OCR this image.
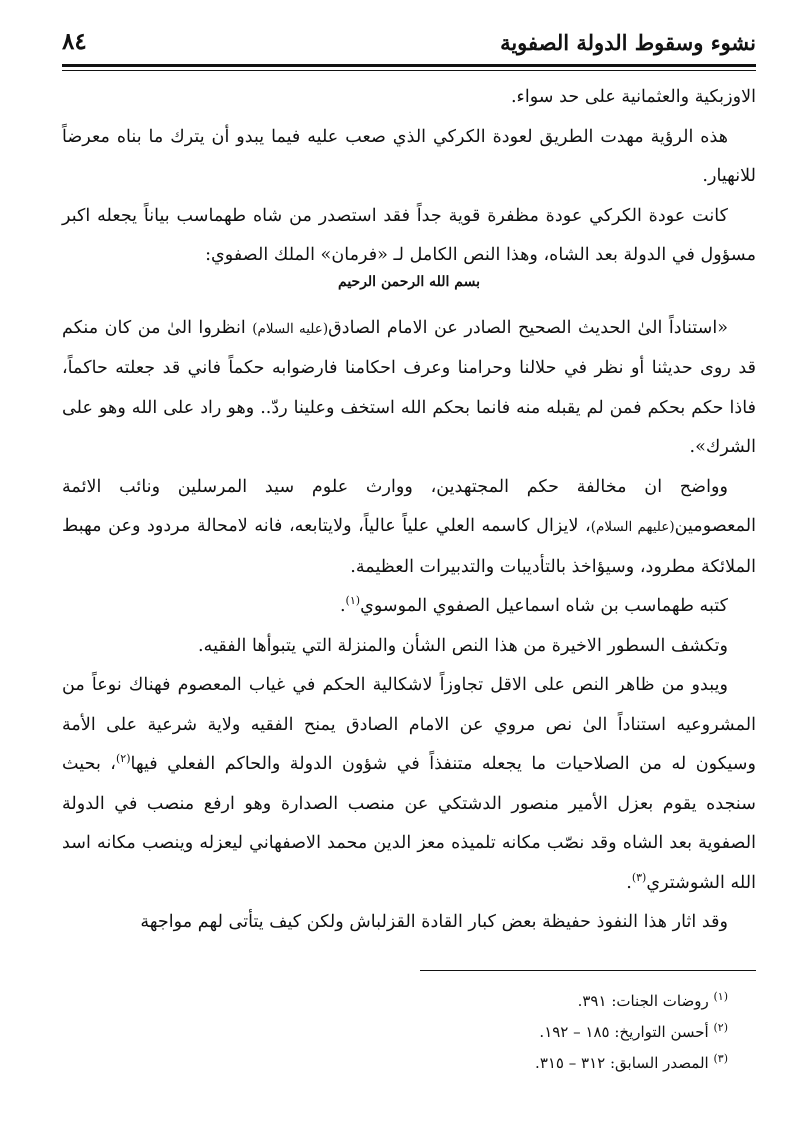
نشوء وسقوط الدولة الصفوية
٨٤

الاوزبكية والعثمانية على حد سواء.

هذه الرؤية مهدت الطريق لعودة الكركي الذي صعب عليه فيما يبدو أن يترك ما بناه معرضاً للانهيار.

كانت عودة الكركي عودة مظفرة قوية جداً فقد استصدر من شاه طهماسب بياناً يجعله اكبر مسؤول في الدولة بعد الشاه، وهذا النص الكامل لـ «فرمان» الملك الصفوي:

بسم الله الرحمن الرحيم

«استناداً الىٰ الحديث الصحيح الصادر عن الامام الصادق(عليه السلام) انظروا الىٰ من كان منكم قد روى حديثنا أو نظر في حلالنا وحرامنا وعرف احكامنا فارضوابه حكماً فاني قد جعلته حاكماً، فاذا حكم بحكم فمن لم يقبله منه فانما بحكم الله استخف وعلينا ردّ.. وهو راد على الله وهو على الشرك».

وواضح ان مخالفة حكم المجتهدين، ووارث علوم سيد المرسلين ونائب الائمة المعصومين(عليهم السلام)، لايزال كاسمه العلي علياً عالياً، ولايتابعه، فانه لامحالة مردود وعن مهبط الملائكة مطرود، وسيؤاخذ بالتأديبات والتدبيرات العظيمة.

كتبه طهماسب بن شاه اسماعيل الصفوي الموسوي$^{(١)}$.

وتكشف السطور الاخيرة من هذا النص الشأن والمنزلة التي يتبوأها الفقيه.

ويبدو من ظاهر النص على الاقل تجاوزاً لاشكالية الحكم في غياب المعصوم فهناك نوعاً من المشروعيه استناداً الىٰ نص مروي عن الامام الصادق يمنح الفقيه ولاية شرعية على الأمة وسيكون له من الصلاحيات ما يجعله متنفذاً في شؤون الدولة والحاكم الفعلي فيها$^{(٢)}$، بحيث سنجده يقوم بعزل الأمير منصور الدشتكي عن منصب الصدارة وهو ارفع منصب في الدولة الصفوية بعد الشاه وقد نصّب مكانه تلميذه معز الدين محمد الاصفهاني ليعزله وينصب مكانه اسد الله الشوشتري$^{(٣)}$.

وقد اثار هذا النفوذ حفيظة بعض كبار القادة القزلباش ولكن كيف يتأتى لهم مواجهة

$^{(١)}$ روضات الجنات: ٣٩١.
$^{(٢)}$ أحسن التواريخ: ١٨٥ – ١٩٢.
$^{(٣)}$ المصدر السابق: ٣١٢ – ٣١٥.
